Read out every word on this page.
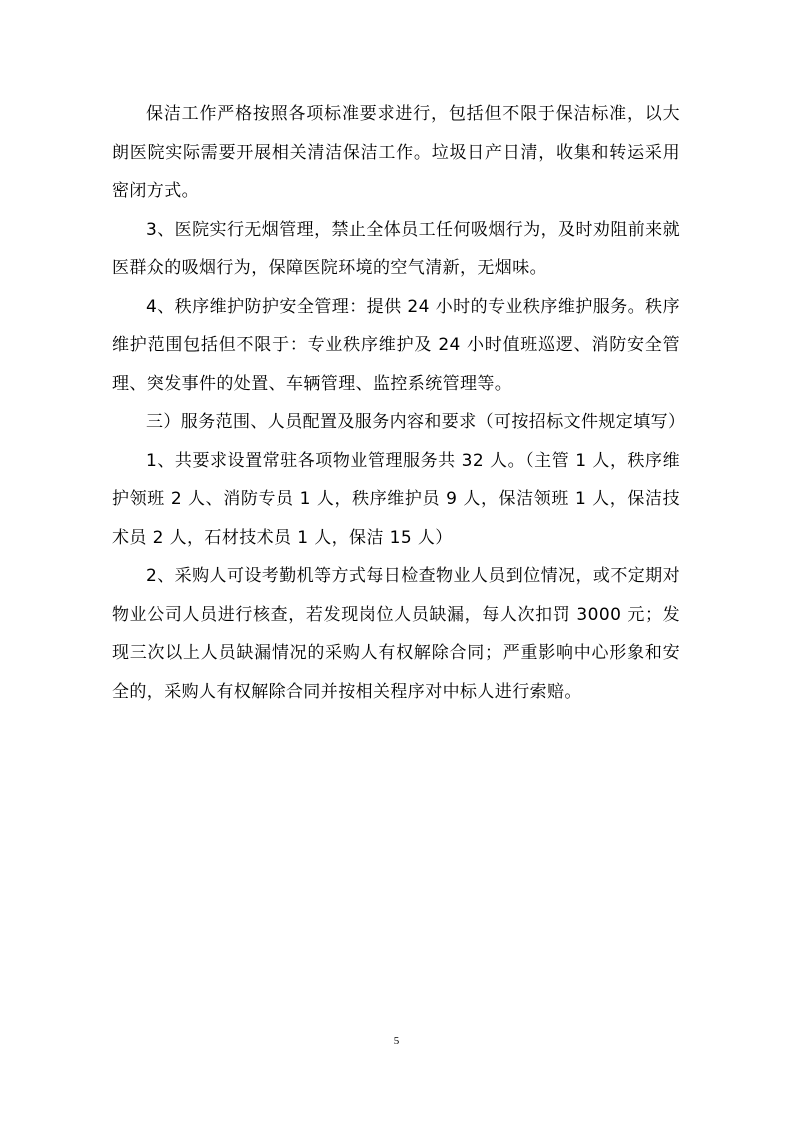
保洁工作严格按照各项标准要求进行，包括但不限于保洁标准，以大朗医院实际需要开展相关清洁保洁工作。垃圾日产日清，收集和转运采用密闭方式。

3、医院实行无烟管理，禁止全体员工任何吸烟行为，及时劝阻前来就医群众的吸烟行为，保障医院环境的空气清新，无烟味。

4、秩序维护防护安全管理：提供 24 小时的专业秩序维护服务。秩序维护范围包括但不限于：专业秩序维护及 24 小时值班巡逻、消防安全管理、突发事件的处置、车辆管理、监控系统管理等。

三）服务范围、人员配置及服务内容和要求（可按招标文件规定填写）

1、共要求设置常驻各项物业管理服务共 32 人。（主管 1 人，秩序维护领班 2 人、消防专员 1 人，秩序维护员 9 人，保洁领班 1 人，保洁技术员 2 人，石材技术员 1 人，保洁 15 人）

2、采购人可设考勤机等方式每日检查物业人员到位情况，或不定期对物业公司人员进行核查，若发现岗位人员缺漏，每人次扣罚 3000 元；发现三次以上人员缺漏情况的采购人有权解除合同；严重影响中心形象和安全的，采购人有权解除合同并按相关程序对中标人进行索赔。

5
